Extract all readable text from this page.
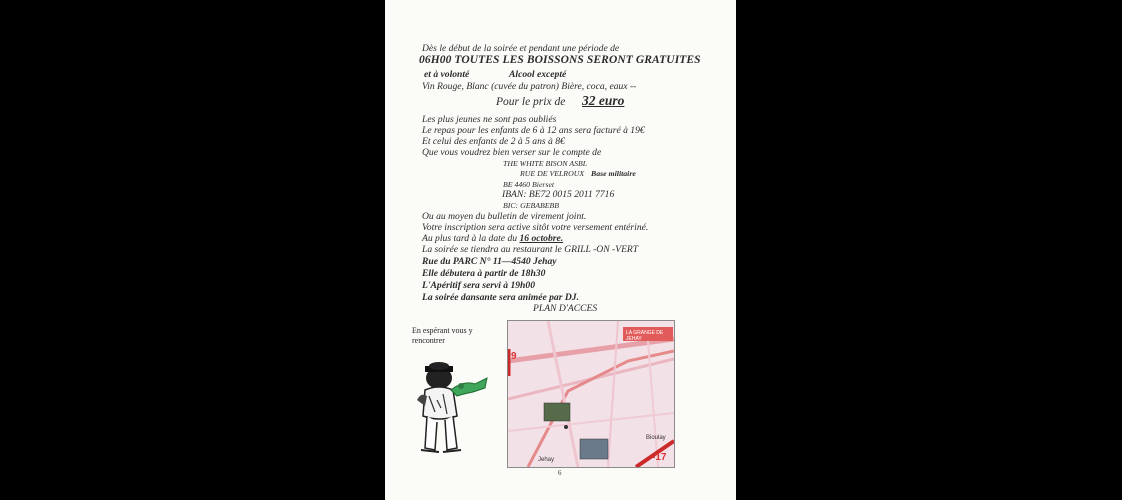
Dès le début de la soirée et pendant une période de
06H00 TOUTES LES BOISSONS SERONT GRATUITES
et à volonté	Alcool excepté
Vin Rouge, Blanc (cuvée du patron) Bière, coca, eaux --
Pour le prix de 32 euro
Les plus jeunes ne sont pas oubliés
Le repas pour les enfants de 6 à 12 ans sera facturé à 19€
Et celui des enfants de 2 à 5 ans à 8€
Que vous voudrez bien verser sur le compte de
THE WHITE BISON ASBL
RUE DE VELROUX Base militaire
BE 4460 Bierset
IBAN: BE72 0015 2011 7716
BIC: GEBABEBB
Ou au moyen du bulletin de virement joint.
Votre inscription sera active sitôt votre versement entériné.
Au plus tard à la date du 16 octobre.
La soirée se tiendra au restaurant le GRILL -ON -VERT
Rue du PARC N° 11—4540 Jehay
Elle débutera à partir de 18h30
L'Apéritif sera servi à 19h00
La soirée dansante sera animée par DJ.
PLAN D'ACCES
En espérant vous y
rencontrer
LA GRANGE DE JEHAY
9
-17
Jehay
Bioulay
6
